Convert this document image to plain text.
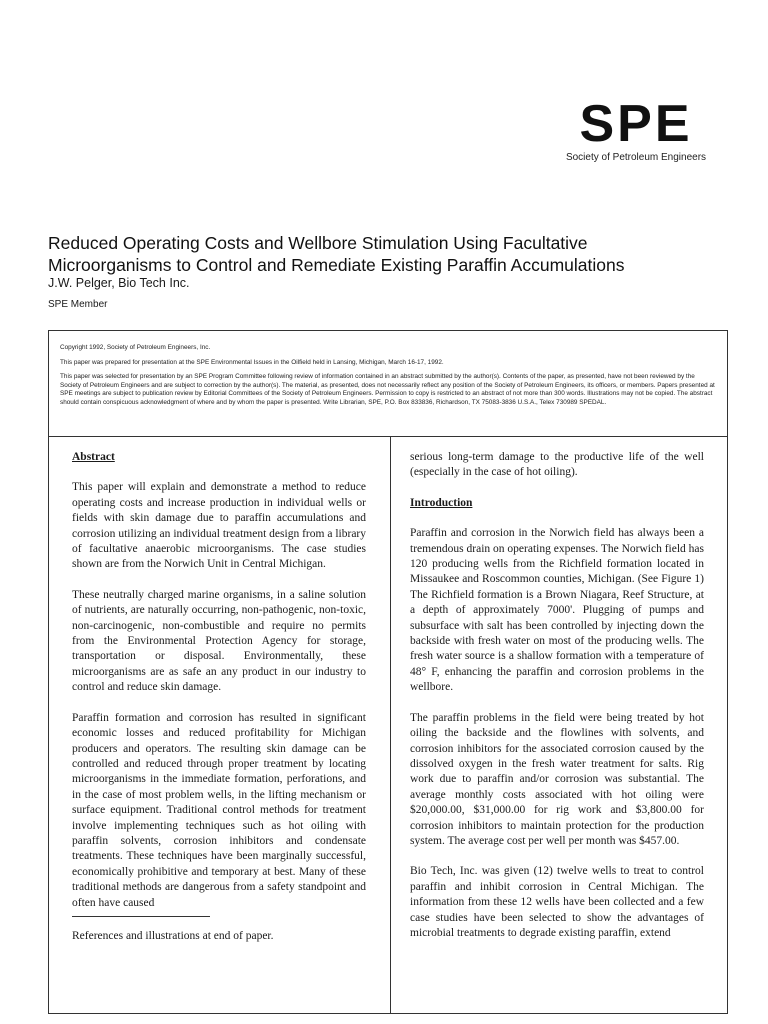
SPE
Society of Petroleum Engineers
Reduced Operating Costs and Wellbore Stimulation Using Facultative
Microorganisms to Control and Remediate Existing Paraffin Accumulations
J.W. Pelger, Bio Tech Inc.
SPE Member

Copyright 1992, Society of Petroleum Engineers, Inc.

This paper was prepared for presentation at the SPE Environmental Issues in the Oilfield held in Lansing, Michigan, March 16-17, 1992.

This paper was selected for presentation by an SPE Program Committee following review of information contained in an abstract submitted by the author(s). Contents of the paper, as presented, have not been reviewed by the Society of Petroleum Engineers and are subject to correction by the author(s). The material, as presented, does not necessarily reflect any position of the Society of Petroleum Engineers, its officers, or members. Papers presented at SPE meetings are subject to publication review by Editorial Committees of the Society of Petroleum Engineers. Permission to copy is restricted to an abstract of not more than 300 words. Illustrations may not be copied. The abstract should contain conspicuous acknowledgment of where and by whom the paper is presented. Write Librarian, SPE, P.O. Box 833836, Richardson, TX 75083-3836 U.S.A., Telex 730989 SPEDAL.

Abstract

This paper will explain and demonstrate a method to reduce operating costs and increase production in individual wells or fields with skin damage due to paraffin accumulations and corrosion utilizing an individual treatment design from a library of facultative anaerobic microorganisms. The case studies shown are from the Norwich Unit in Central Michigan.

These neutrally charged marine organisms, in a saline solution of nutrients, are naturally occurring, non-pathogenic, non-toxic, non-carcinogenic, non-combustible and require no permits from the Environmental Protection Agency for storage, transportation or disposal. Environmentally, these microorganisms are as safe an any product in our industry to control and reduce skin damage.

Paraffin formation and corrosion has resulted in significant economic losses and reduced profitability for Michigan producers and operators. The resulting skin damage can be controlled and reduced through proper treatment by locating microorganisms in the immediate formation, perforations, and in the case of most problem wells, in the lifting mechanism or surface equipment. Traditional control methods for treatment involve implementing techniques such as hot oiling with paraffin solvents, corrosion inhibitors and condensate treatments. These techniques have been marginally successful, economically prohibitive and temporary at best. Many of these traditional methods are dangerous from a safety standpoint and often have caused

References and illustrations at end of paper.

serious long-term damage to the productive life of the well (especially in the case of hot oiling).

Introduction

Paraffin and corrosion in the Norwich field has always been a tremendous drain on operating expenses. The Norwich field has 120 producing wells from the Richfield formation located in Missaukee and Roscommon counties, Michigan. (See Figure 1) The Richfield formation is a Brown Niagara, Reef Structure, at a depth of approximately 7000'. Plugging of pumps and subsurface with salt has been controlled by injecting down the backside with fresh water on most of the producing wells. The fresh water source is a shallow formation with a temperature of 48° F, enhancing the paraffin and corrosion problems in the wellbore.

The paraffin problems in the field were being treated by hot oiling the backside and the flowlines with solvents, and corrosion inhibitors for the associated corrosion caused by the dissolved oxygen in the fresh water treatment for salts. Rig work due to paraffin and/or corrosion was substantial. The average monthly costs associated with hot oiling were $20,000.00, $31,000.00 for rig work and $3,800.00 for corrosion inhibitors to maintain protection for the production system. The average cost per well per month was $457.00.

Bio Tech, Inc. was given (12) twelve wells to treat to control paraffin and inhibit corrosion in Central Michigan. The information from these 12 wells have been collected and a few case studies have been selected to show the advantages of microbial treatments to degrade existing paraffin, extend
